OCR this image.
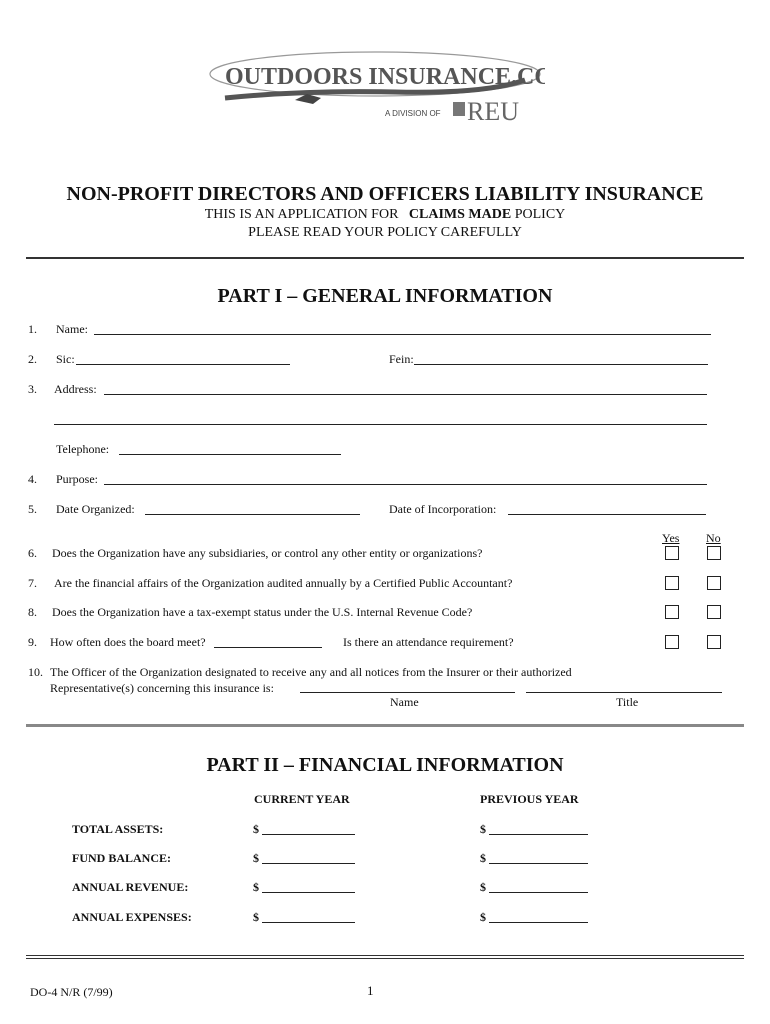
OUTDOORS INSURANCE.COM
A DIVISION OF REU
NON-PROFIT DIRECTORS AND OFFICERS LIABILITY INSURANCE
THIS IS AN APPLICATION FOR CLAIMS MADE POLICY
PLEASE READ YOUR POLICY CAREFULLY
PART I – GENERAL INFORMATION
1. Name:
2. Sic:	Fein:
3. Address:
Telephone:
4. Purpose:
5. Date Organized:	Date of Incorporation:
Yes No
6. Does the Organization have any subsidiaries, or control any other entity or organizations?
7. Are the financial affairs of the Organization audited annually by a Certified Public Accountant?
8. Does the Organization have a tax-exempt status under the U.S. Internal Revenue Code?
9. How often does the board meet?	Is there an attendance requirement?
10. The Officer of the Organization designated to receive any and all notices from the Insurer or their authorized
Representative(s) concerning this insurance is:
Name	Title
PART II – FINANCIAL INFORMATION
CURRENT YEAR	PREVIOUS YEAR
TOTAL ASSETS:	$	$
FUND BALANCE:	$	$
ANNUAL REVENUE:	$	$
ANNUAL EXPENSES:	$	$
DO-4 N/R (7/99)	1
